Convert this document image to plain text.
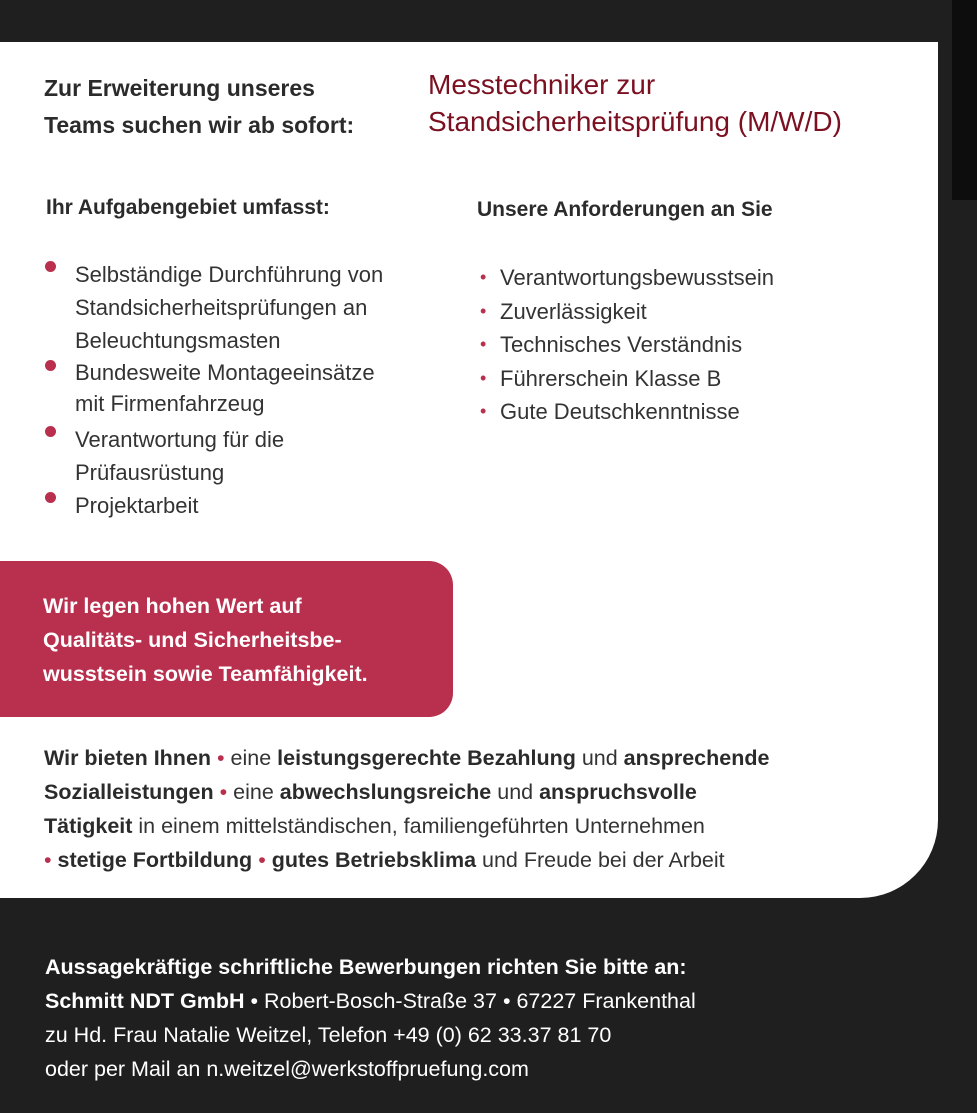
Zur Erweiterung unseres
Teams suchen wir ab sofort:
Messtechniker zur
Standsicherheitsprüfung (M/W/D)
Ihr Aufgabengebiet umfasst:	Unsere Anforderungen an Sie
Selbständige Durchführung von
Standsicherheitsprüfungen an
Beleuchtungsmasten
Bundesweite Montageeinsätze
mit Firmenfahrzeug
Verantwortung für die
Prüfausrüstung
Projektarbeit
• Verantwortungsbewusstsein
• Zuverlässigkeit
• Technisches Verständnis
• Führerschein Klasse B
• Gute Deutschkenntnisse
Wir legen hohen Wert auf
Qualitäts- und Sicherheitsbe-
wusstsein sowie Teamfähigkeit.
Wir bieten Ihnen • eine leistungsgerechte Bezahlung und ansprechende
Sozialleistungen • eine abwechslungsreiche und anspruchsvolle
Tätigkeit in einem mittelständischen, familiengeführten Unternehmen
• stetige Fortbildung • gutes Betriebsklima und Freude bei der Arbeit
Aussagekräftige schriftliche Bewerbungen richten Sie bitte an:
Schmitt NDT GmbH • Robert-Bosch-Straße 37 • 67227 Frankenthal
zu Hd. Frau Natalie Weitzel, Telefon +49 (0) 62 33.37 81 70
oder per Mail an n.weitzel@werkstoffpruefung.com
